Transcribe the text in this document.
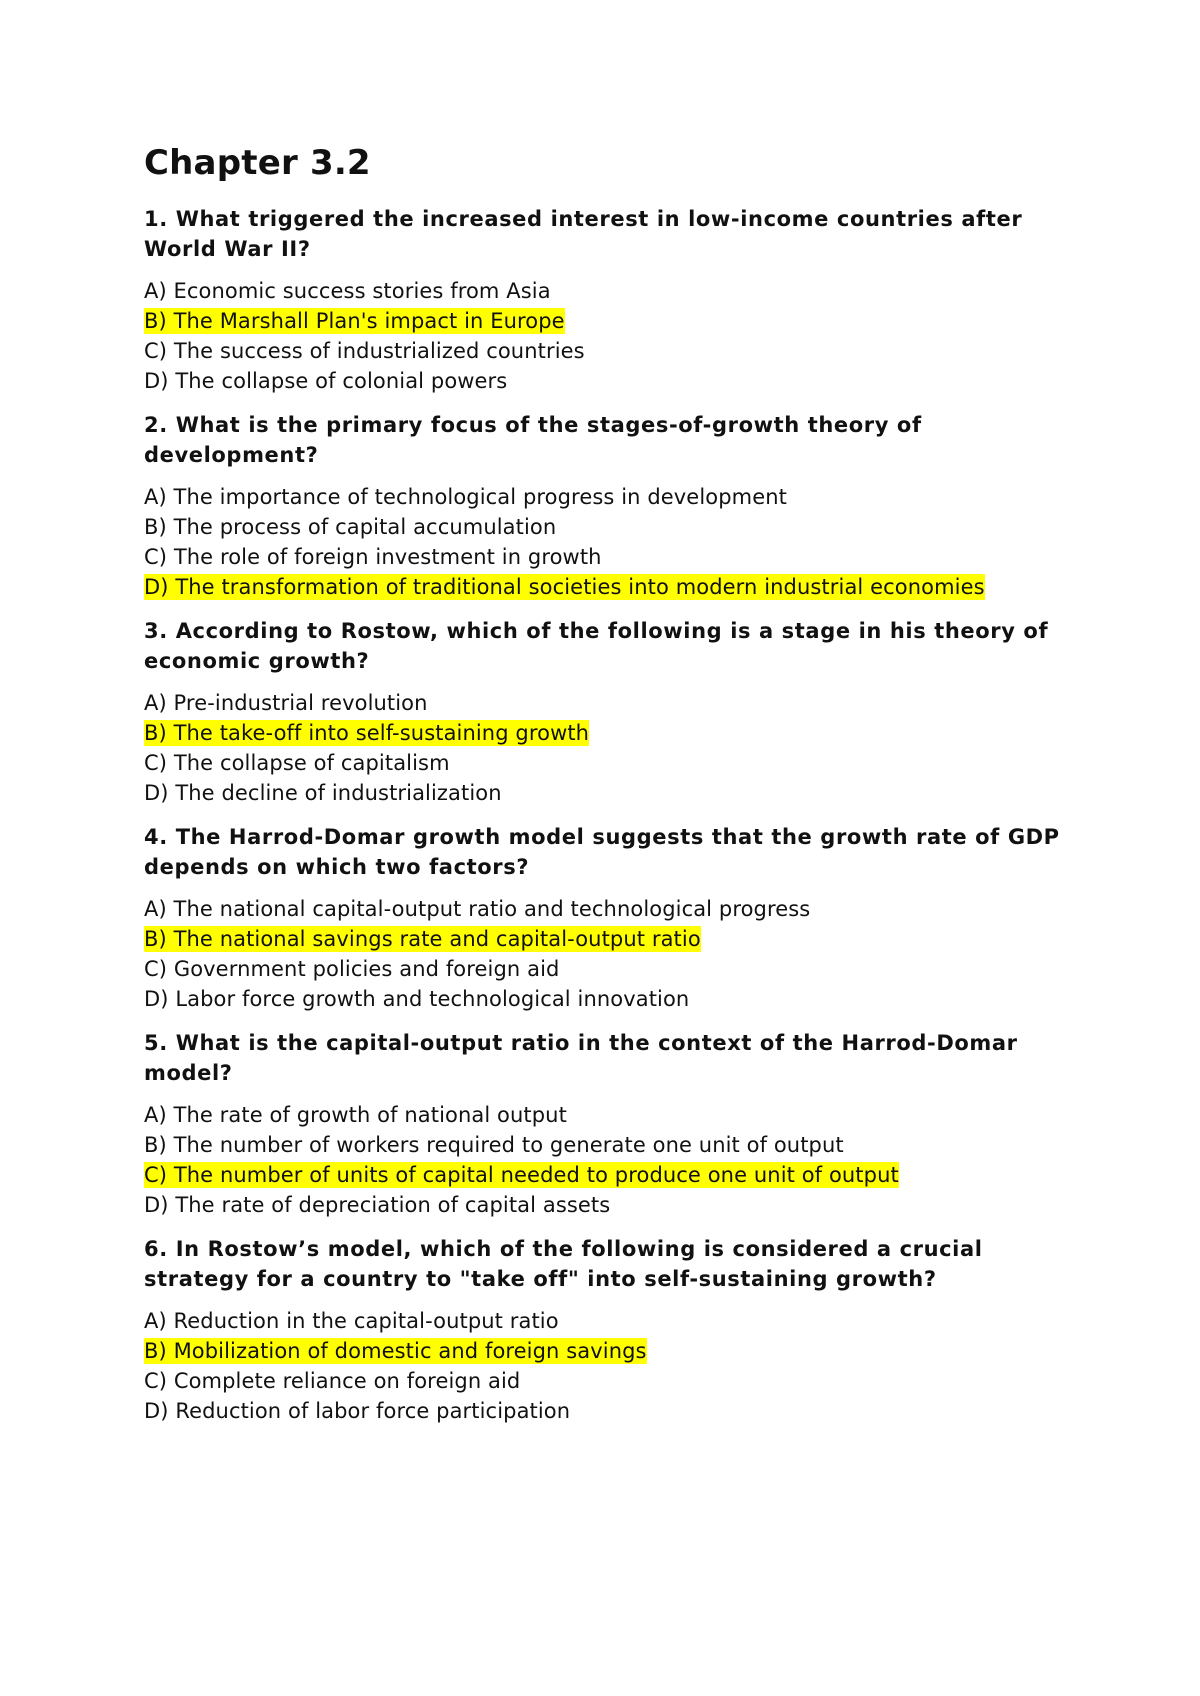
Chapter 3.2
1. What triggered the increased interest in low-income countries after World War II?
A) Economic success stories from Asia
B) The Marshall Plan's impact in Europe
C) The success of industrialized countries
D) The collapse of colonial powers
2. What is the primary focus of the stages-of-growth theory of development?
A) The importance of technological progress in development
B) The process of capital accumulation
C) The role of foreign investment in growth
D) The transformation of traditional societies into modern industrial economies
3. According to Rostow, which of the following is a stage in his theory of economic growth?
A) Pre-industrial revolution
B) The take-off into self-sustaining growth
C) The collapse of capitalism
D) The decline of industrialization
4. The Harrod-Domar growth model suggests that the growth rate of GDP depends on which two factors?
A) The national capital-output ratio and technological progress
B) The national savings rate and capital-output ratio
C) Government policies and foreign aid
D) Labor force growth and technological innovation
5. What is the capital-output ratio in the context of the Harrod-Domar model?
A) The rate of growth of national output
B) The number of workers required to generate one unit of output
C) The number of units of capital needed to produce one unit of output
D) The rate of depreciation of capital assets
6. In Rostow’s model, which of the following is considered a crucial strategy for a country to "take off" into self-sustaining growth?
A) Reduction in the capital-output ratio
B) Mobilization of domestic and foreign savings
C) Complete reliance on foreign aid
D) Reduction of labor force participation
